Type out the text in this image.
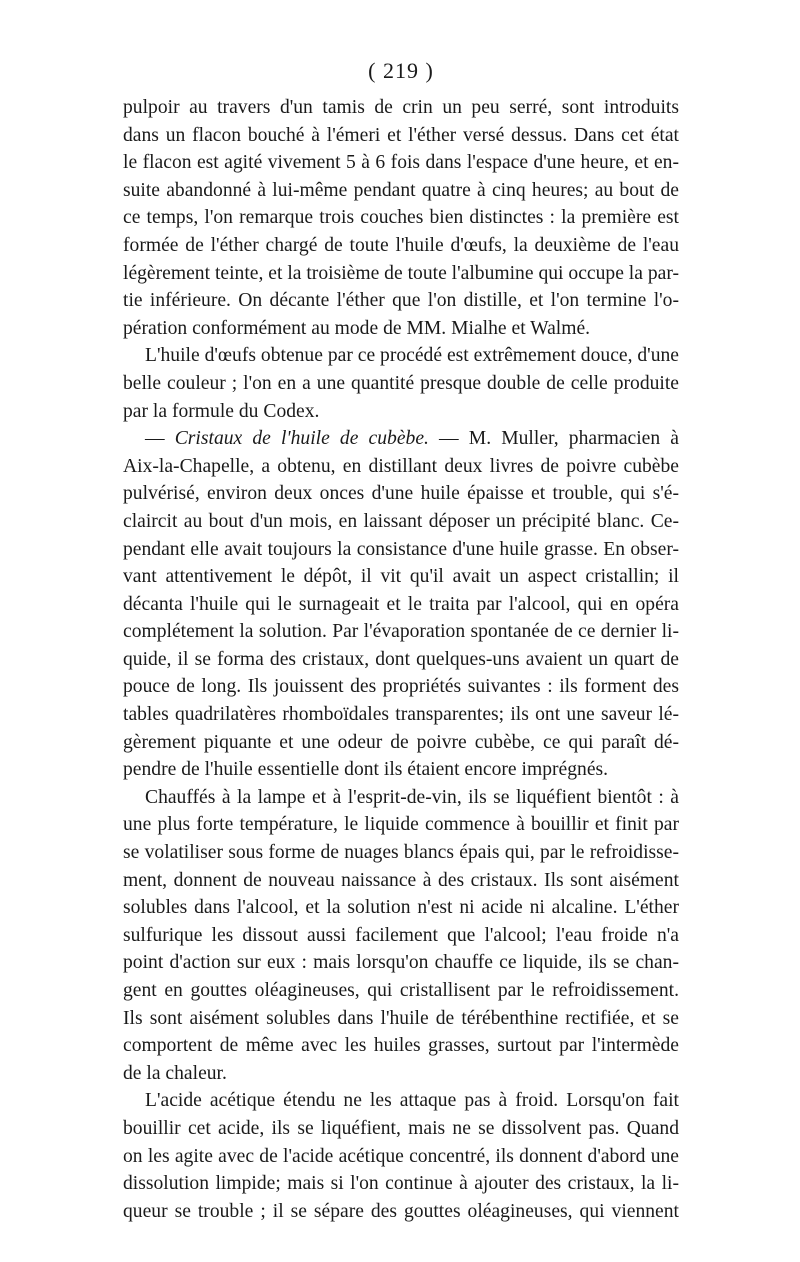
( 219 )
pulpoir au travers d'un tamis de crin un peu serré, sont introduits
dans un flacon bouché à l'émeri et l'éther versé dessus. Dans cet état
le flacon est agité vivement 5 à 6 fois dans l'espace d'une heure, et en-
suite abandonné à lui-même pendant quatre à cinq heures; au bout de
ce temps, l'on remarque trois couches bien distinctes : la première est
formée de l'éther chargé de toute l'huile d'œufs, la deuxième de l'eau
légèrement teinte, et la troisième de toute l'albumine qui occupe la par-
tie inférieure. On décante l'éther que l'on distille, et l'on termine l'o-
pération conformément au mode de MM. Mialhe et Walmé.
L'huile d'œufs obtenue par ce procédé est extrêmement douce, d'une
belle couleur ; l'on en a une quantité presque double de celle produite
par la formule du Codex.
— Cristaux de l'huile de cubèbe. — M. Muller, pharmacien à
Aix-la-Chapelle, a obtenu, en distillant deux livres de poivre cubèbe
pulvérisé, environ deux onces d'une huile épaisse et trouble, qui s'é-
claircit au bout d'un mois, en laissant déposer un précipité blanc. Ce-
pendant elle avait toujours la consistance d'une huile grasse. En obser-
vant attentivement le dépôt, il vit qu'il avait un aspect cristallin; il
décanta l'huile qui le surnageait et le traita par l'alcool, qui en opéra
complétement la solution. Par l'évaporation spontanée de ce dernier li-
quide, il se forma des cristaux, dont quelques-uns avaient un quart de
pouce de long. Ils jouissent des propriétés suivantes : ils forment des
tables quadrilatères rhomboïdales transparentes; ils ont une saveur lé-
gèrement piquante et une odeur de poivre cubèbe, ce qui paraît dé-
pendre de l'huile essentielle dont ils étaient encore imprégnés.
Chauffés à la lampe et à l'esprit-de-vin, ils se liquéfient bientôt : à
une plus forte température, le liquide commence à bouillir et finit par
se volatiliser sous forme de nuages blancs épais qui, par le refroidisse-
ment, donnent de nouveau naissance à des cristaux. Ils sont aisément
solubles dans l'alcool, et la solution n'est ni acide ni alcaline. L'éther
sulfurique les dissout aussi facilement que l'alcool; l'eau froide n'a
point d'action sur eux : mais lorsqu'on chauffe ce liquide, ils se chan-
gent en gouttes oléagineuses, qui cristallisent par le refroidissement.
Ils sont aisément solubles dans l'huile de térébenthine rectifiée, et se
comportent de même avec les huiles grasses, surtout par l'intermède
de la chaleur.
L'acide acétique étendu ne les attaque pas à froid. Lorsqu'on fait
bouillir cet acide, ils se liquéfient, mais ne se dissolvent pas. Quand
on les agite avec de l'acide acétique concentré, ils donnent d'abord une
dissolution limpide; mais si l'on continue à ajouter des cristaux, la li-
queur se trouble ; il se sépare des gouttes oléagineuses, qui viennent
